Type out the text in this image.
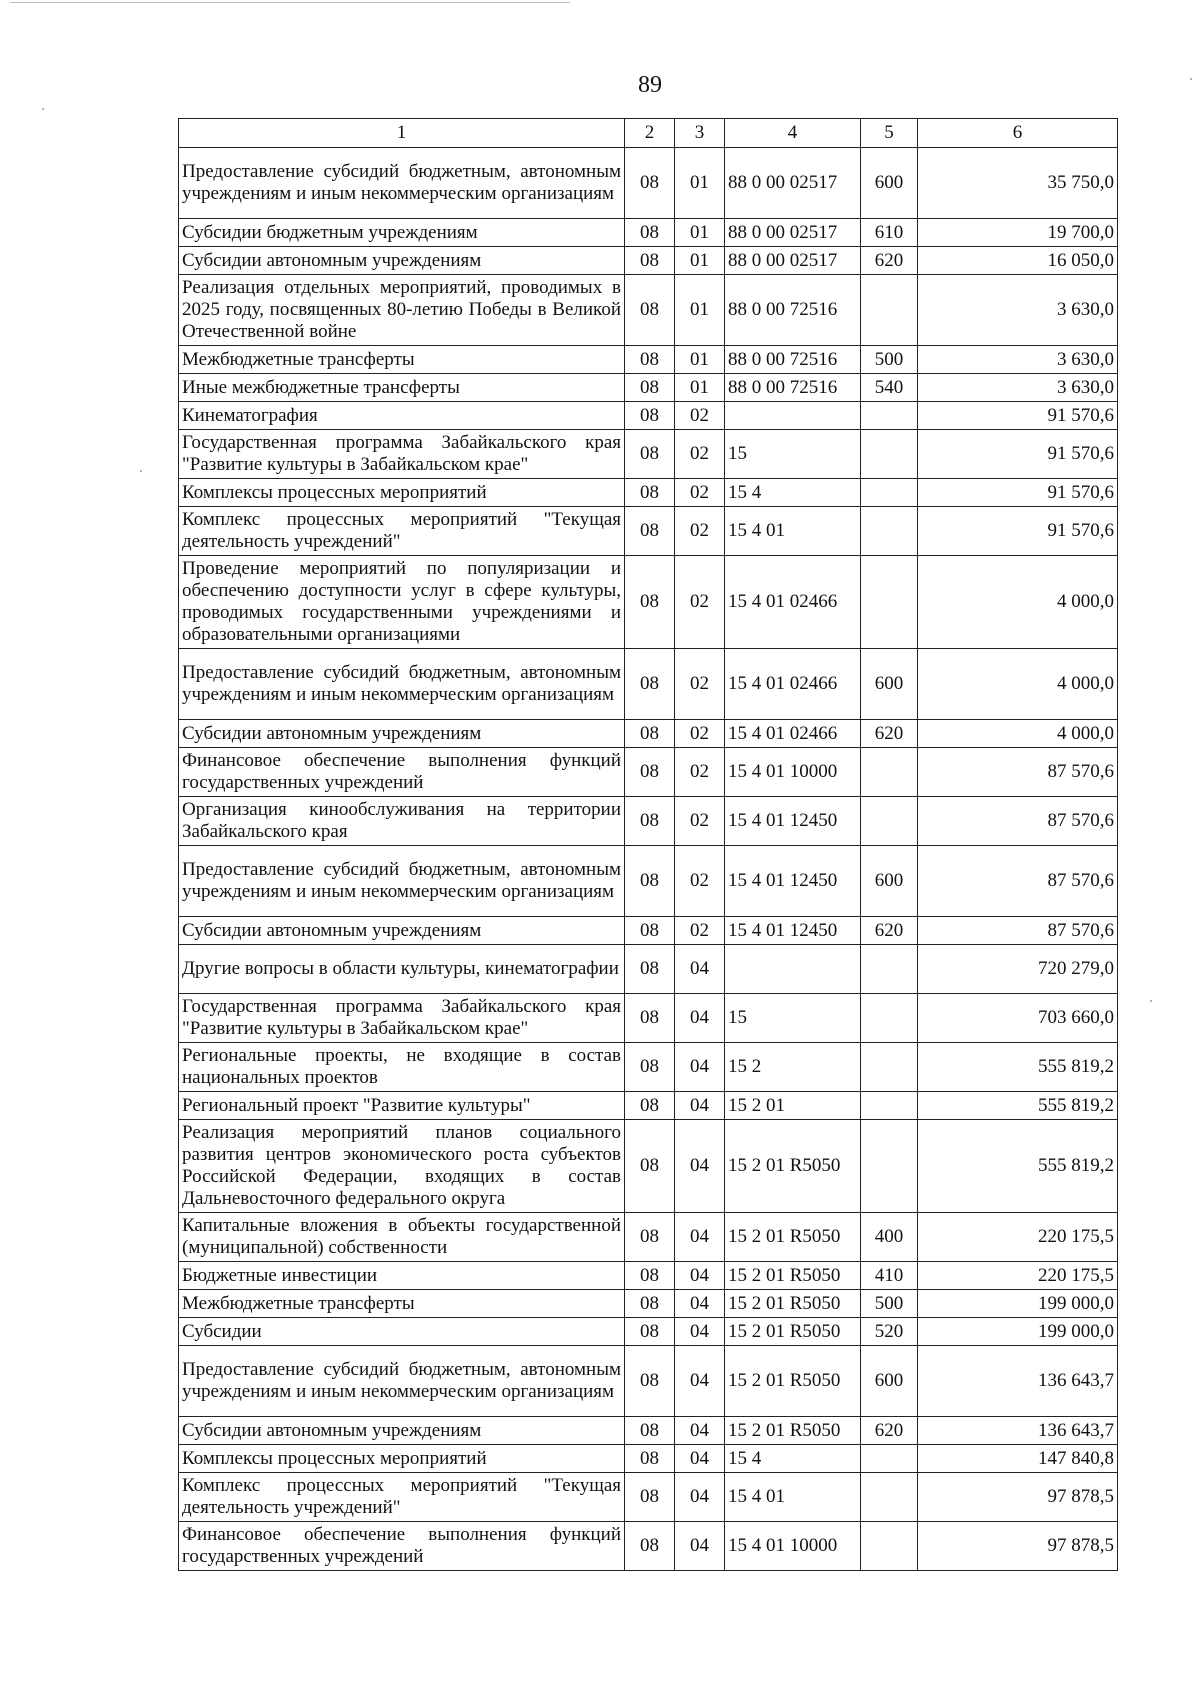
89
1	2	3	4	5	6
Предоставление субсидий бюджетным, автономным учреждениям и иным некоммерческим организациям	08	01	88 0 00 02517	600	35 750,0
Субсидии бюджетным учреждениям	08	01	88 0 00 02517	610	19 700,0
Субсидии автономным учреждениям	08	01	88 0 00 02517	620	16 050,0
Реализация отдельных мероприятий, проводимых в 2025 году, посвященных 80-летию Победы в Великой Отечественной войне	08	01	88 0 00 72516		3 630,0
Межбюджетные трансферты	08	01	88 0 00 72516	500	3 630,0
Иные межбюджетные трансферты	08	01	88 0 00 72516	540	3 630,0
Кинематография	08	02			91 570,6
Государственная программа Забайкальского края "Развитие культуры в Забайкальском крае"	08	02	15		91 570,6
Комплексы процессных мероприятий	08	02	15 4		91 570,6
Комплекс процессных мероприятий "Текущая деятельность учреждений"	08	02	15 4 01		91 570,6
Проведение мероприятий по популяризации и обеспечению доступности услуг в сфере культуры, проводимых государственными учреждениями и образовательными организациями	08	02	15 4 01 02466		4 000,0
Предоставление субсидий бюджетным, автономным учреждениям и иным некоммерческим организациям	08	02	15 4 01 02466	600	4 000,0
Субсидии автономным учреждениям	08	02	15 4 01 02466	620	4 000,0
Финансовое обеспечение выполнения функций государственных учреждений	08	02	15 4 01 10000		87 570,6
Организация кинообслуживания на территории Забайкальского края	08	02	15 4 01 12450		87 570,6
Предоставление субсидий бюджетным, автономным учреждениям и иным некоммерческим организациям	08	02	15 4 01 12450	600	87 570,6
Субсидии автономным учреждениям	08	02	15 4 01 12450	620	87 570,6
Другие вопросы в области культуры, кинематографии	08	04			720 279,0
Государственная программа Забайкальского края "Развитие культуры в Забайкальском крае"	08	04	15		703 660,0
Региональные проекты, не входящие в состав национальных проектов	08	04	15 2		555 819,2
Региональный проект "Развитие культуры"	08	04	15 2 01		555 819,2
Реализация мероприятий планов социального развития центров экономического роста субъектов Российской Федерации, входящих в состав Дальневосточного федерального округа	08	04	15 2 01 R5050		555 819,2
Капитальные вложения в объекты государственной (муниципальной) собственности	08	04	15 2 01 R5050	400	220 175,5
Бюджетные инвестиции	08	04	15 2 01 R5050	410	220 175,5
Межбюджетные трансферты	08	04	15 2 01 R5050	500	199 000,0
Субсидии	08	04	15 2 01 R5050	520	199 000,0
Предоставление субсидий бюджетным, автономным учреждениям и иным некоммерческим организациям	08	04	15 2 01 R5050	600	136 643,7
Субсидии автономным учреждениям	08	04	15 2 01 R5050	620	136 643,7
Комплексы процессных мероприятий	08	04	15 4		147 840,8
Комплекс процессных мероприятий "Текущая деятельность учреждений"	08	04	15 4 01		97 878,5
Финансовое обеспечение выполнения функций государственных учреждений	08	04	15 4 01 10000		97 878,5
